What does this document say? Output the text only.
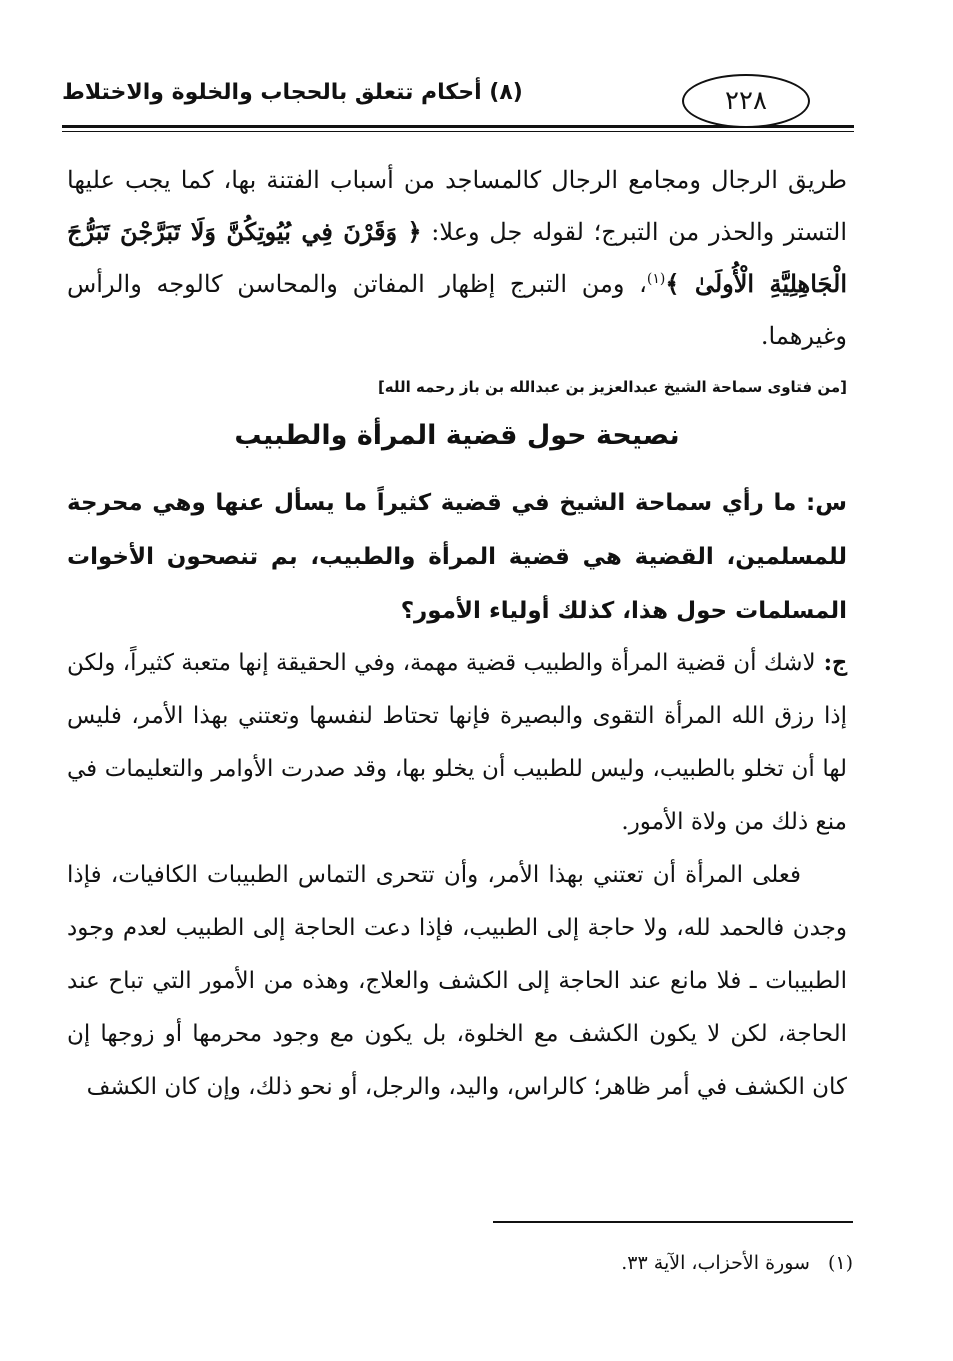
(٨) أحكام تتعلق بالحجاب والخلوة والاختلاط	٢٢٨

طريق الرجال ومجامع الرجال كالمساجد من أسباب الفتنة بها، كما يجب عليها التستر والحذر من التبرج؛ لقوله جل وعلا: ﴿ وَقَرْنَ فِي بُيُوتِكُنَّ وَلَا تَبَرَّجْنَ تَبَرُّجَ الْجَاهِلِيَّةِ الْأُولَىٰ ﴾$^{(١)}$، ومن التبرج إظهار المفاتن والمحاسن كالوجه والرأس وغيرهما.

[من فتاوى سماحة الشيخ عبدالعزيز بن عبدالله بن باز رحمه الله]
نصيحة حول قضية المرأة والطبيب

س: ما رأي سماحة الشيخ في قضية كثيراً ما يسأل عنها وهي محرجة للمسلمين، القضية هي قضية المرأة والطبيب، بم تنصحون الأخوات المسلمات حول هذا، كذلك أولياء الأمور؟

ج: لاشك أن قضية المرأة والطبيب قضية مهمة، وفي الحقيقة إنها متعبة كثيراً، ولكن إذا رزق الله المرأة التقوى والبصيرة فإنها تحتاط لنفسها وتعتني بهذا الأمر، فليس لها أن تخلو بالطبيب، وليس للطبيب أن يخلو بها، وقد صدرت الأوامر والتعليمات في منع ذلك من ولاة الأمور.

فعلى المرأة أن تعتني بهذا الأمر، وأن تتحرى التماس الطبيبات الكافيات، فإذا وجدن فالحمد لله، ولا حاجة إلى الطبيب، فإذا دعت الحاجة إلى الطبيب لعدم وجود الطبيبات ـ فلا مانع عند الحاجة إلى الكشف والعلاج، وهذه من الأمور التي تباح عند الحاجة، لكن لا يكون الكشف مع الخلوة، بل يكون مع وجود محرمها أو زوجها إن كان الكشف في أمر ظاهر؛ كالراس، واليد، والرجل، أو نحو ذلك، وإن كان الكشف

(١)سورة الأحزاب، الآية ٣٣.
